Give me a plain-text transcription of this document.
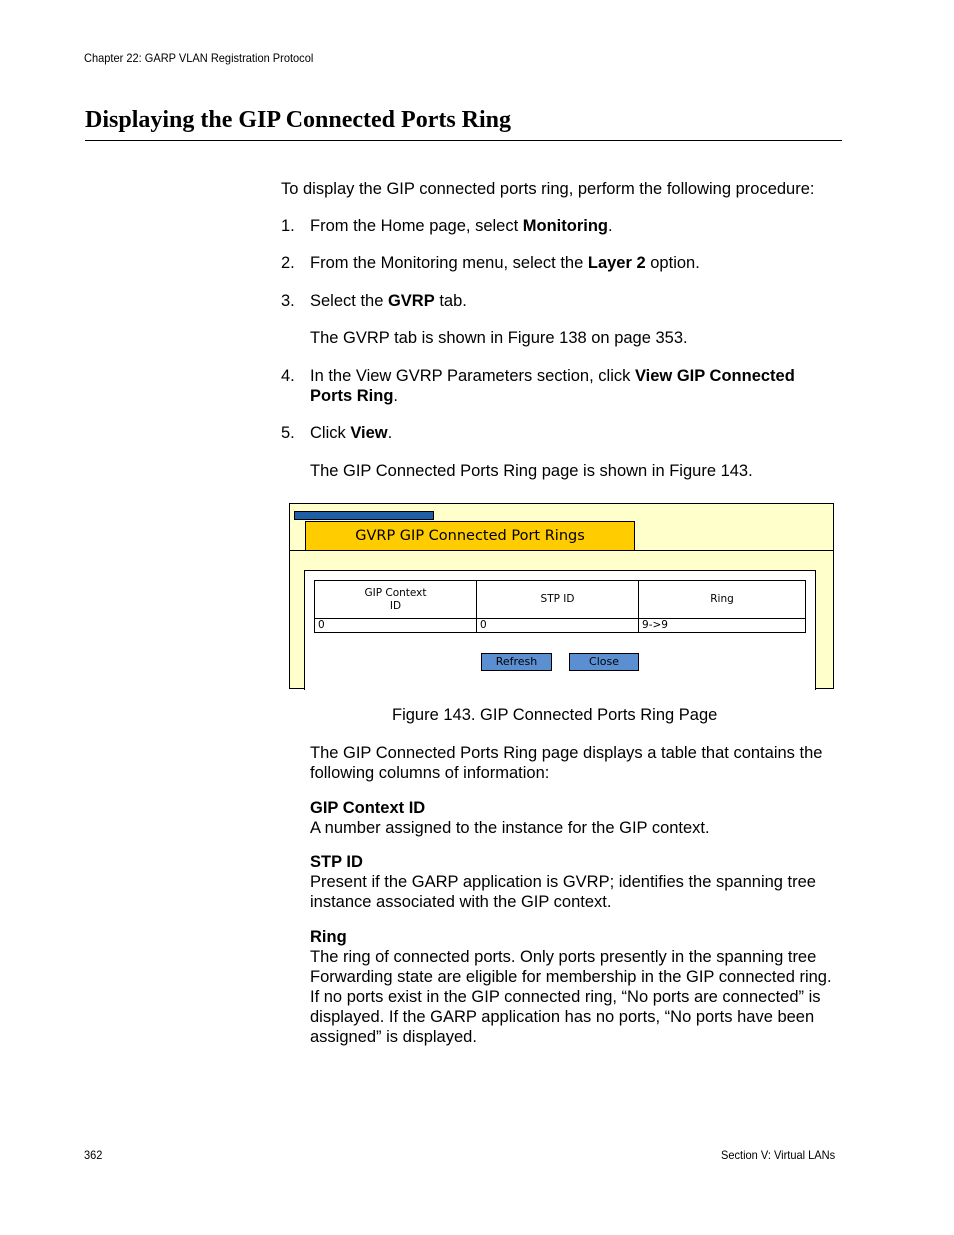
Chapter 22: GARP VLAN Registration Protocol
Displaying the GIP Connected Ports Ring
To display the GIP connected ports ring, perform the following procedure:
1. From the Home page, select Monitoring.
2. From the Monitoring menu, select the Layer 2 option.
3. Select the GVRP tab.
The GVRP tab is shown in Figure 138 on page 353.
4. In the View GVRP Parameters section, click View GIP Connected Ports Ring.
5. Click View.
The GIP Connected Ports Ring page is shown in Figure 143.
GVRP GIP Connected Port Rings
GIP Context ID	STP ID	Ring
0	0	9->9
Refresh	Close
Figure 143. GIP Connected Ports Ring Page
The GIP Connected Ports Ring page displays a table that contains the following columns of information:
GIP Context ID
A number assigned to the instance for the GIP context.
STP ID
Present if the GARP application is GVRP; identifies the spanning tree instance associated with the GIP context.
Ring
The ring of connected ports. Only ports presently in the spanning tree Forwarding state are eligible for membership in the GIP connected ring. If no ports exist in the GIP connected ring, “No ports are connected” is displayed. If the GARP application has no ports, “No ports have been assigned” is displayed.
362	Section V: Virtual LANs
